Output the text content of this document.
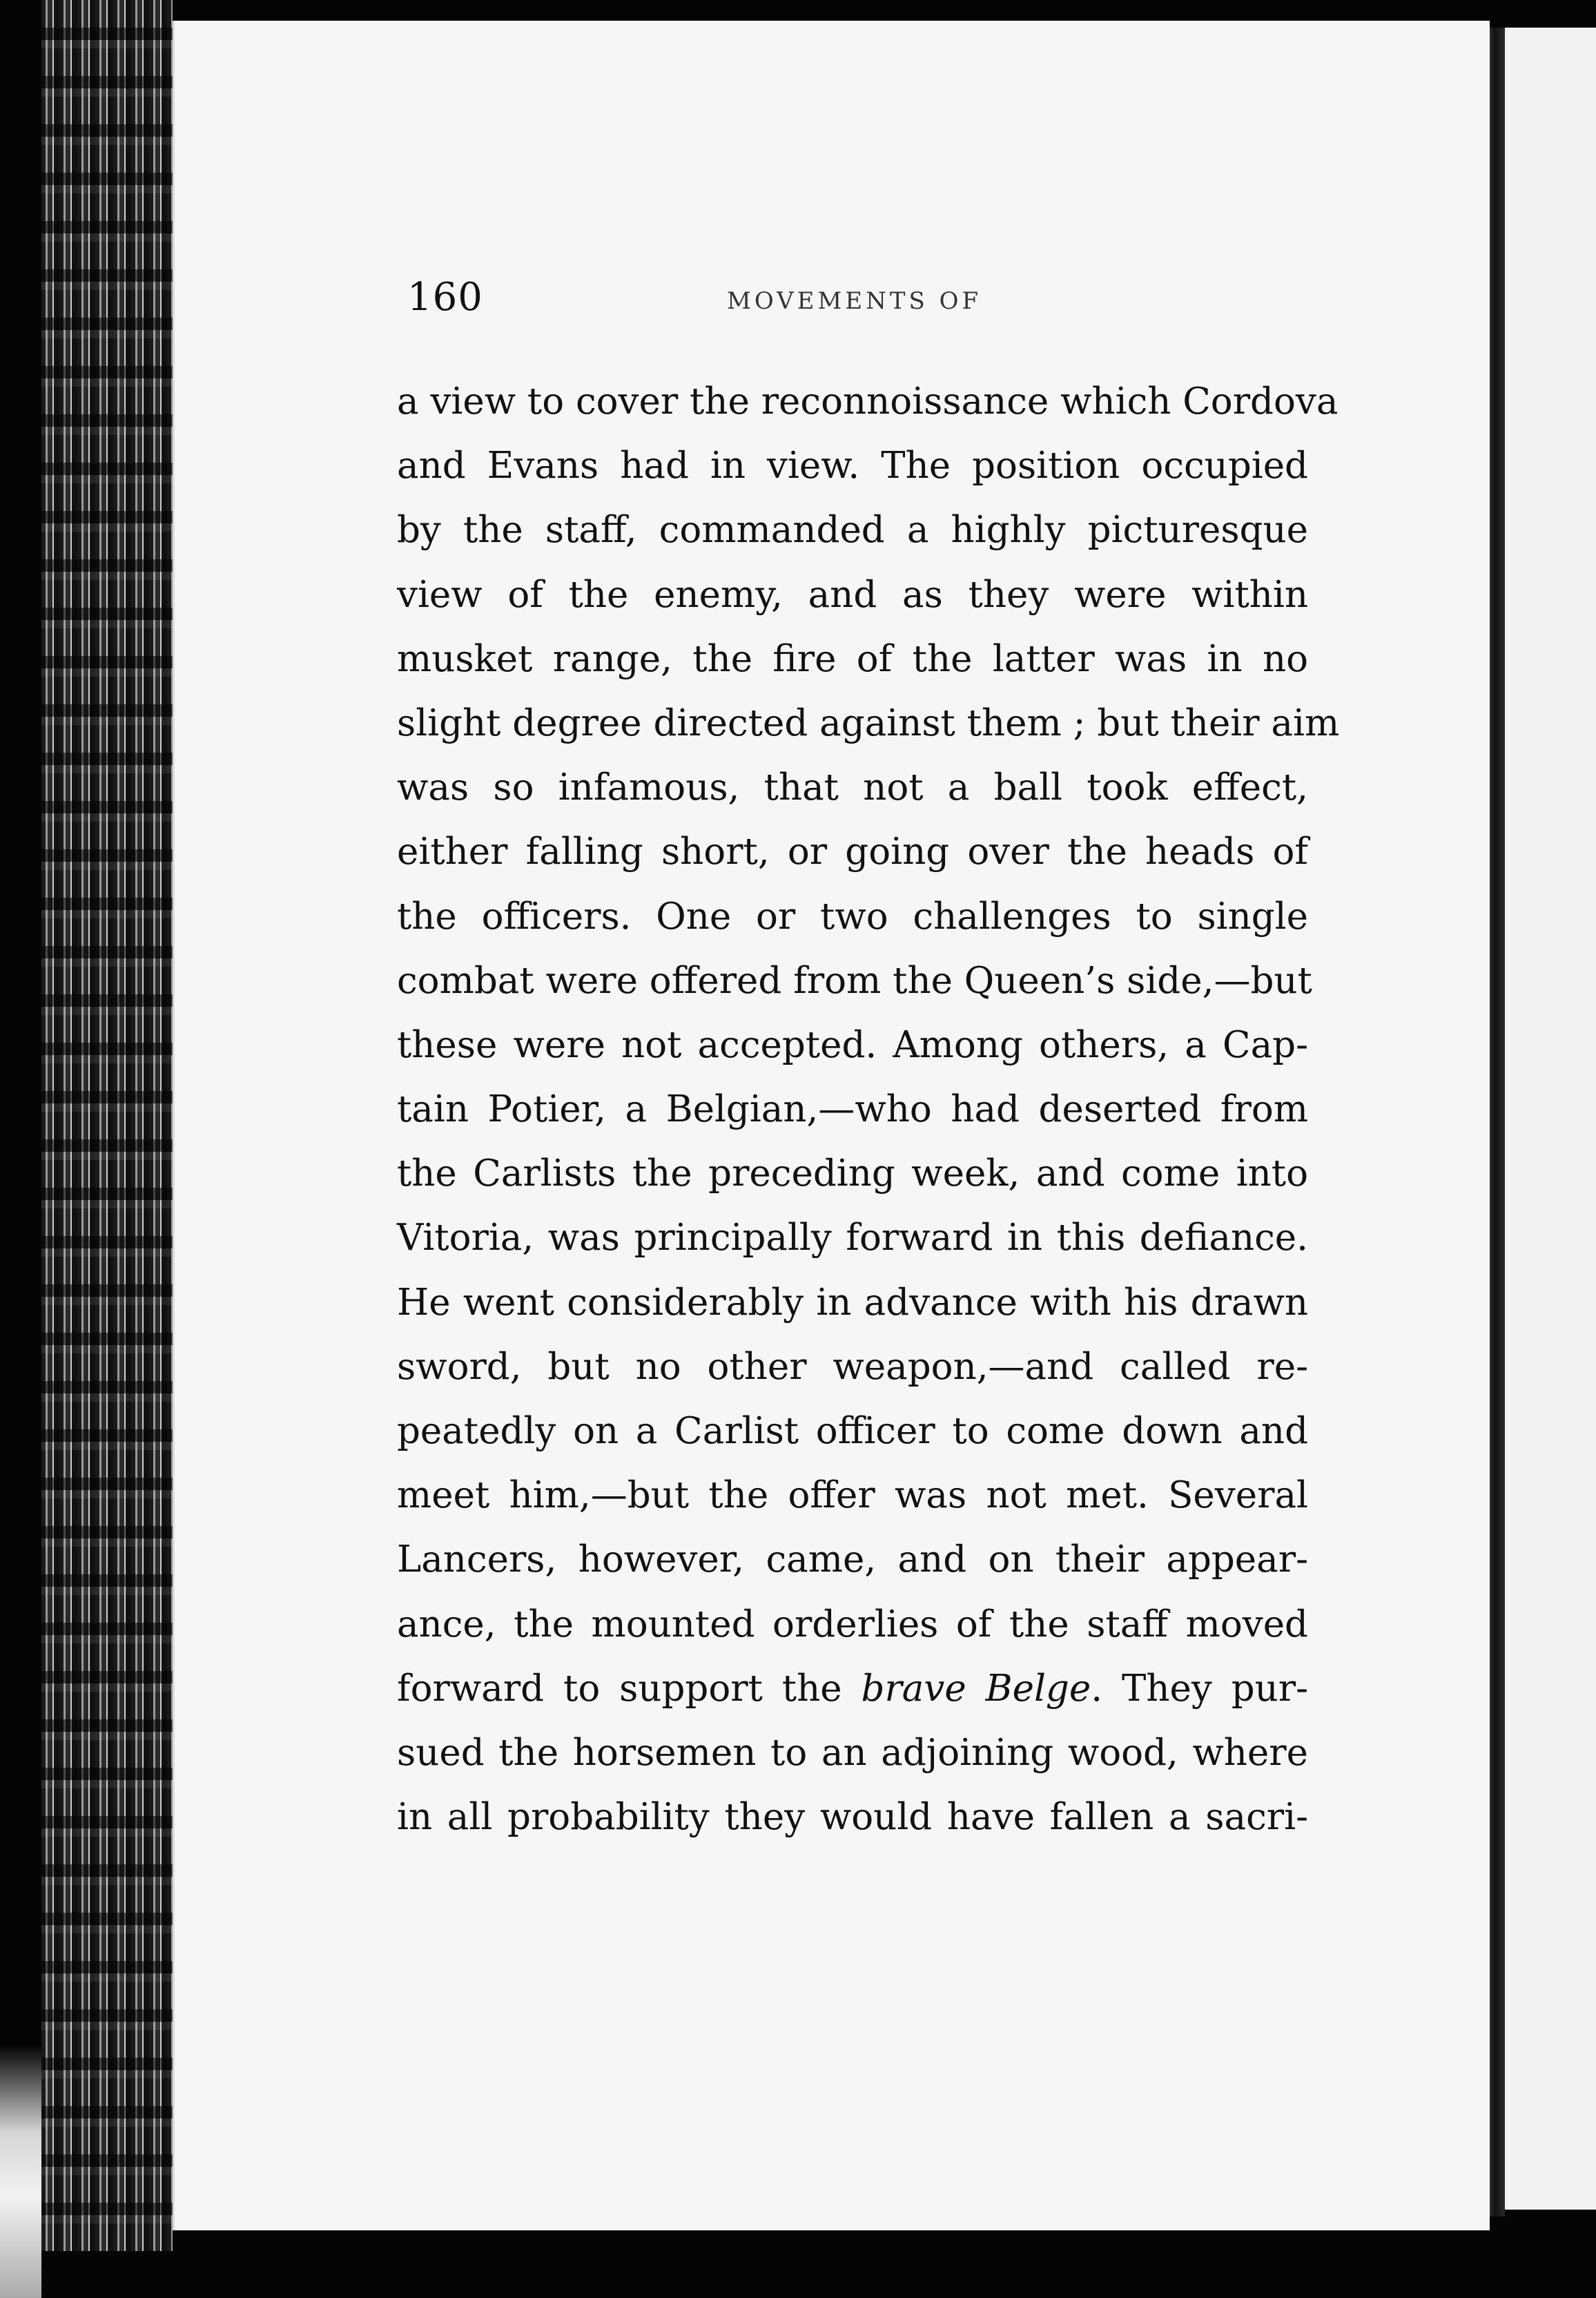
160	MOVEMENTS OF
a view to cover the reconnoissance which Cordova
and Evans had in view. The position occupied
by the staff, commanded a highly picturesque
view of the enemy, and as they were within
musket range, the fire of the latter was in no
slight degree directed against them ; but their aim
was so infamous, that not a ball took effect,
either falling short, or going over the heads of
the officers. One or two challenges to single
combat were offered from the Queen’s side,—but
these were not accepted. Among others, a Cap-
tain Potier, a Belgian,—who had deserted from
the Carlists the preceding week, and come into
Vitoria, was principally forward in this defiance.
He went considerably in advance with his drawn
sword, but no other weapon,—and called re-
peatedly on a Carlist officer to come down and
meet him,—but the offer was not met. Several
Lancers, however, came, and on their appear-
ance, the mounted orderlies of the staff moved
forward to support the brave Belge. They pur-
sued the horsemen to an adjoining wood, where
in all probability they would have fallen a sacri-
